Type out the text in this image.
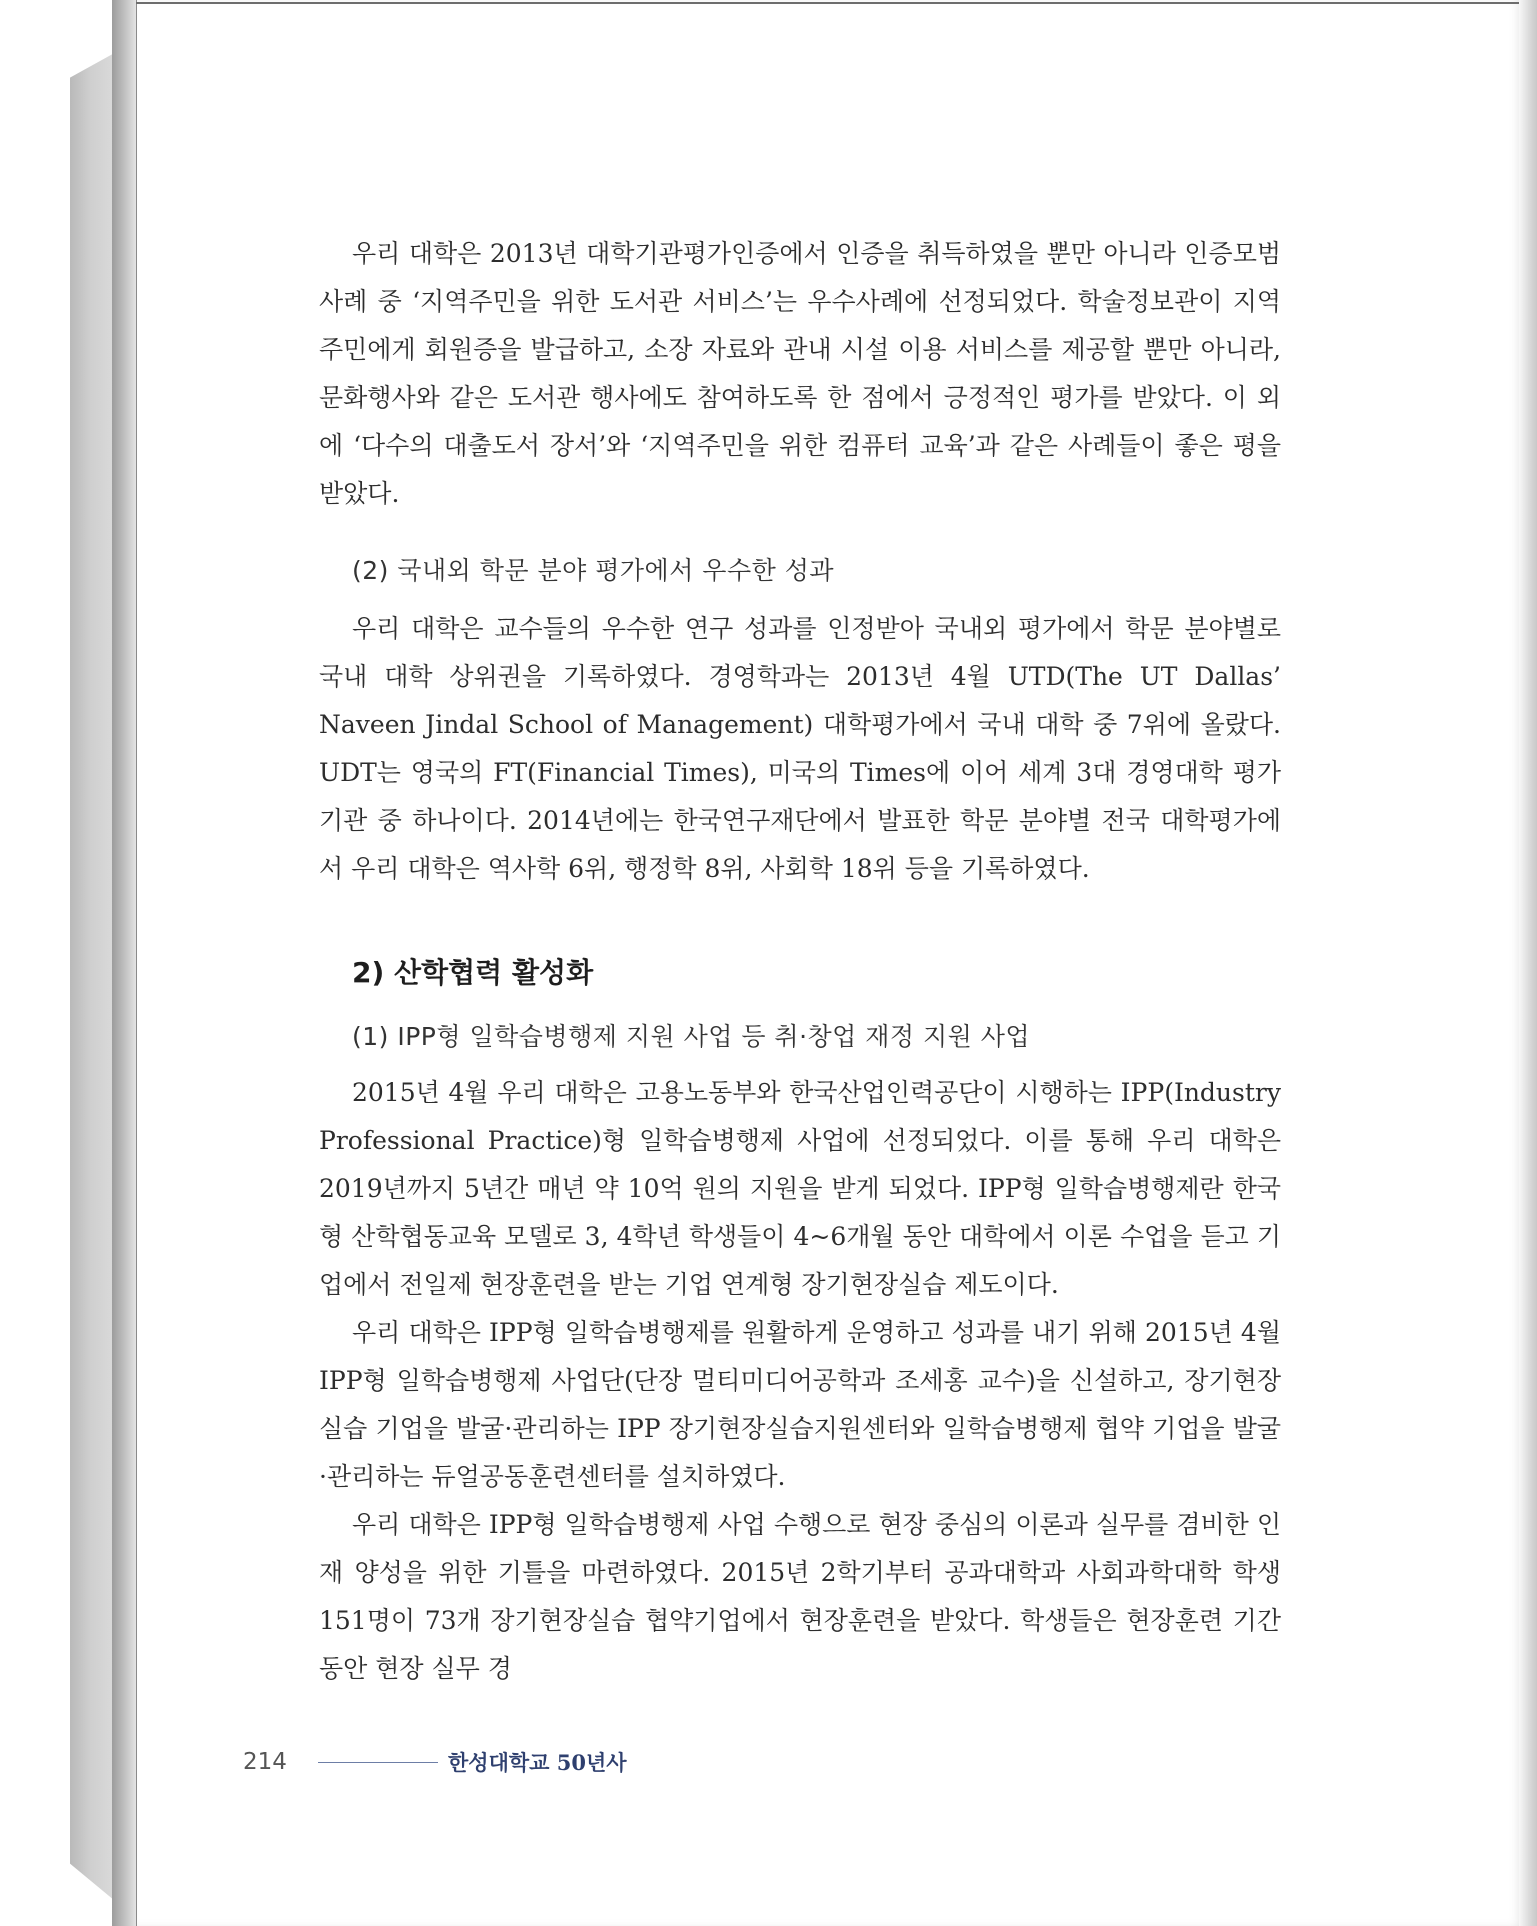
우리 대학은 2013년 대학기관평가인증에서 인증을 취득하였을 뿐만 아니라 인증모범사례 중 ‘지역주민을 위한 도서관 서비스’는 우수사례에 선정되었다. 학술정보관이 지역주민에게 회원증을 발급하고, 소장 자료와 관내 시설 이용 서비스를 제공할 뿐만 아니라, 문화행사와 같은 도서관 행사에도 참여하도록 한 점에서 긍정적인 평가를 받았다. 이 외에 ‘다수의 대출도서 장서’와 ‘지역주민을 위한 컴퓨터 교육’과 같은 사례들이 좋은 평을 받았다.

(2) 국내외 학문 분야 평가에서 우수한 성과

우리 대학은 교수들의 우수한 연구 성과를 인정받아 국내외 평가에서 학문 분야별로 국내 대학 상위권을 기록하였다. 경영학과는 2013년 4월 UTD(The UT Dallas’ Naveen Jindal School of Management) 대학평가에서 국내 대학 중 7위에 올랐다. UDT는 영국의 FT(Financial Times), 미국의 Times에 이어 세계 3대 경영대학 평가기관 중 하나이다. 2014년에는 한국연구재단에서 발표한 학문 분야별 전국 대학평가에서 우리 대학은 역사학 6위, 행정학 8위, 사회학 18위 등을 기록하였다.

2) 산학협력 활성화
(1) IPP형 일학습병행제 지원 사업 등 취·창업 재정 지원 사업

2015년 4월 우리 대학은 고용노동부와 한국산업인력공단이 시행하는 IPP(Industry Professional Practice)형 일학습병행제 사업에 선정되었다. 이를 통해 우리 대학은 2019년까지 5년간 매년 약 10억 원의 지원을 받게 되었다. IPP형 일학습병행제란 한국형 산학협동교육 모델로 3, 4학년 학생들이 4~6개월 동안 대학에서 이론 수업을 듣고 기업에서 전일제 현장훈련을 받는 기업 연계형 장기현장실습 제도이다.

우리 대학은 IPP형 일학습병행제를 원활하게 운영하고 성과를 내기 위해 2015년 4월 IPP형 일학습병행제 사업단(단장 멀티미디어공학과 조세홍 교수)을 신설하고, 장기현장실습 기업을 발굴·관리하는 IPP 장기현장실습지원센터와 일학습병행제 협약 기업을 발굴·관리하는 듀얼공동훈련센터를 설치하였다.

우리 대학은 IPP형 일학습병행제 사업 수행으로 현장 중심의 이론과 실무를 겸비한 인재 양성을 위한 기틀을 마련하였다. 2015년 2학기부터 공과대학과 사회과학대학 학생 151명이 73개 장기현장실습 협약기업에서 현장훈련을 받았다. 학생들은 현장훈련 기간 동안 현장 실무 경

214	한성대학교 50년사
